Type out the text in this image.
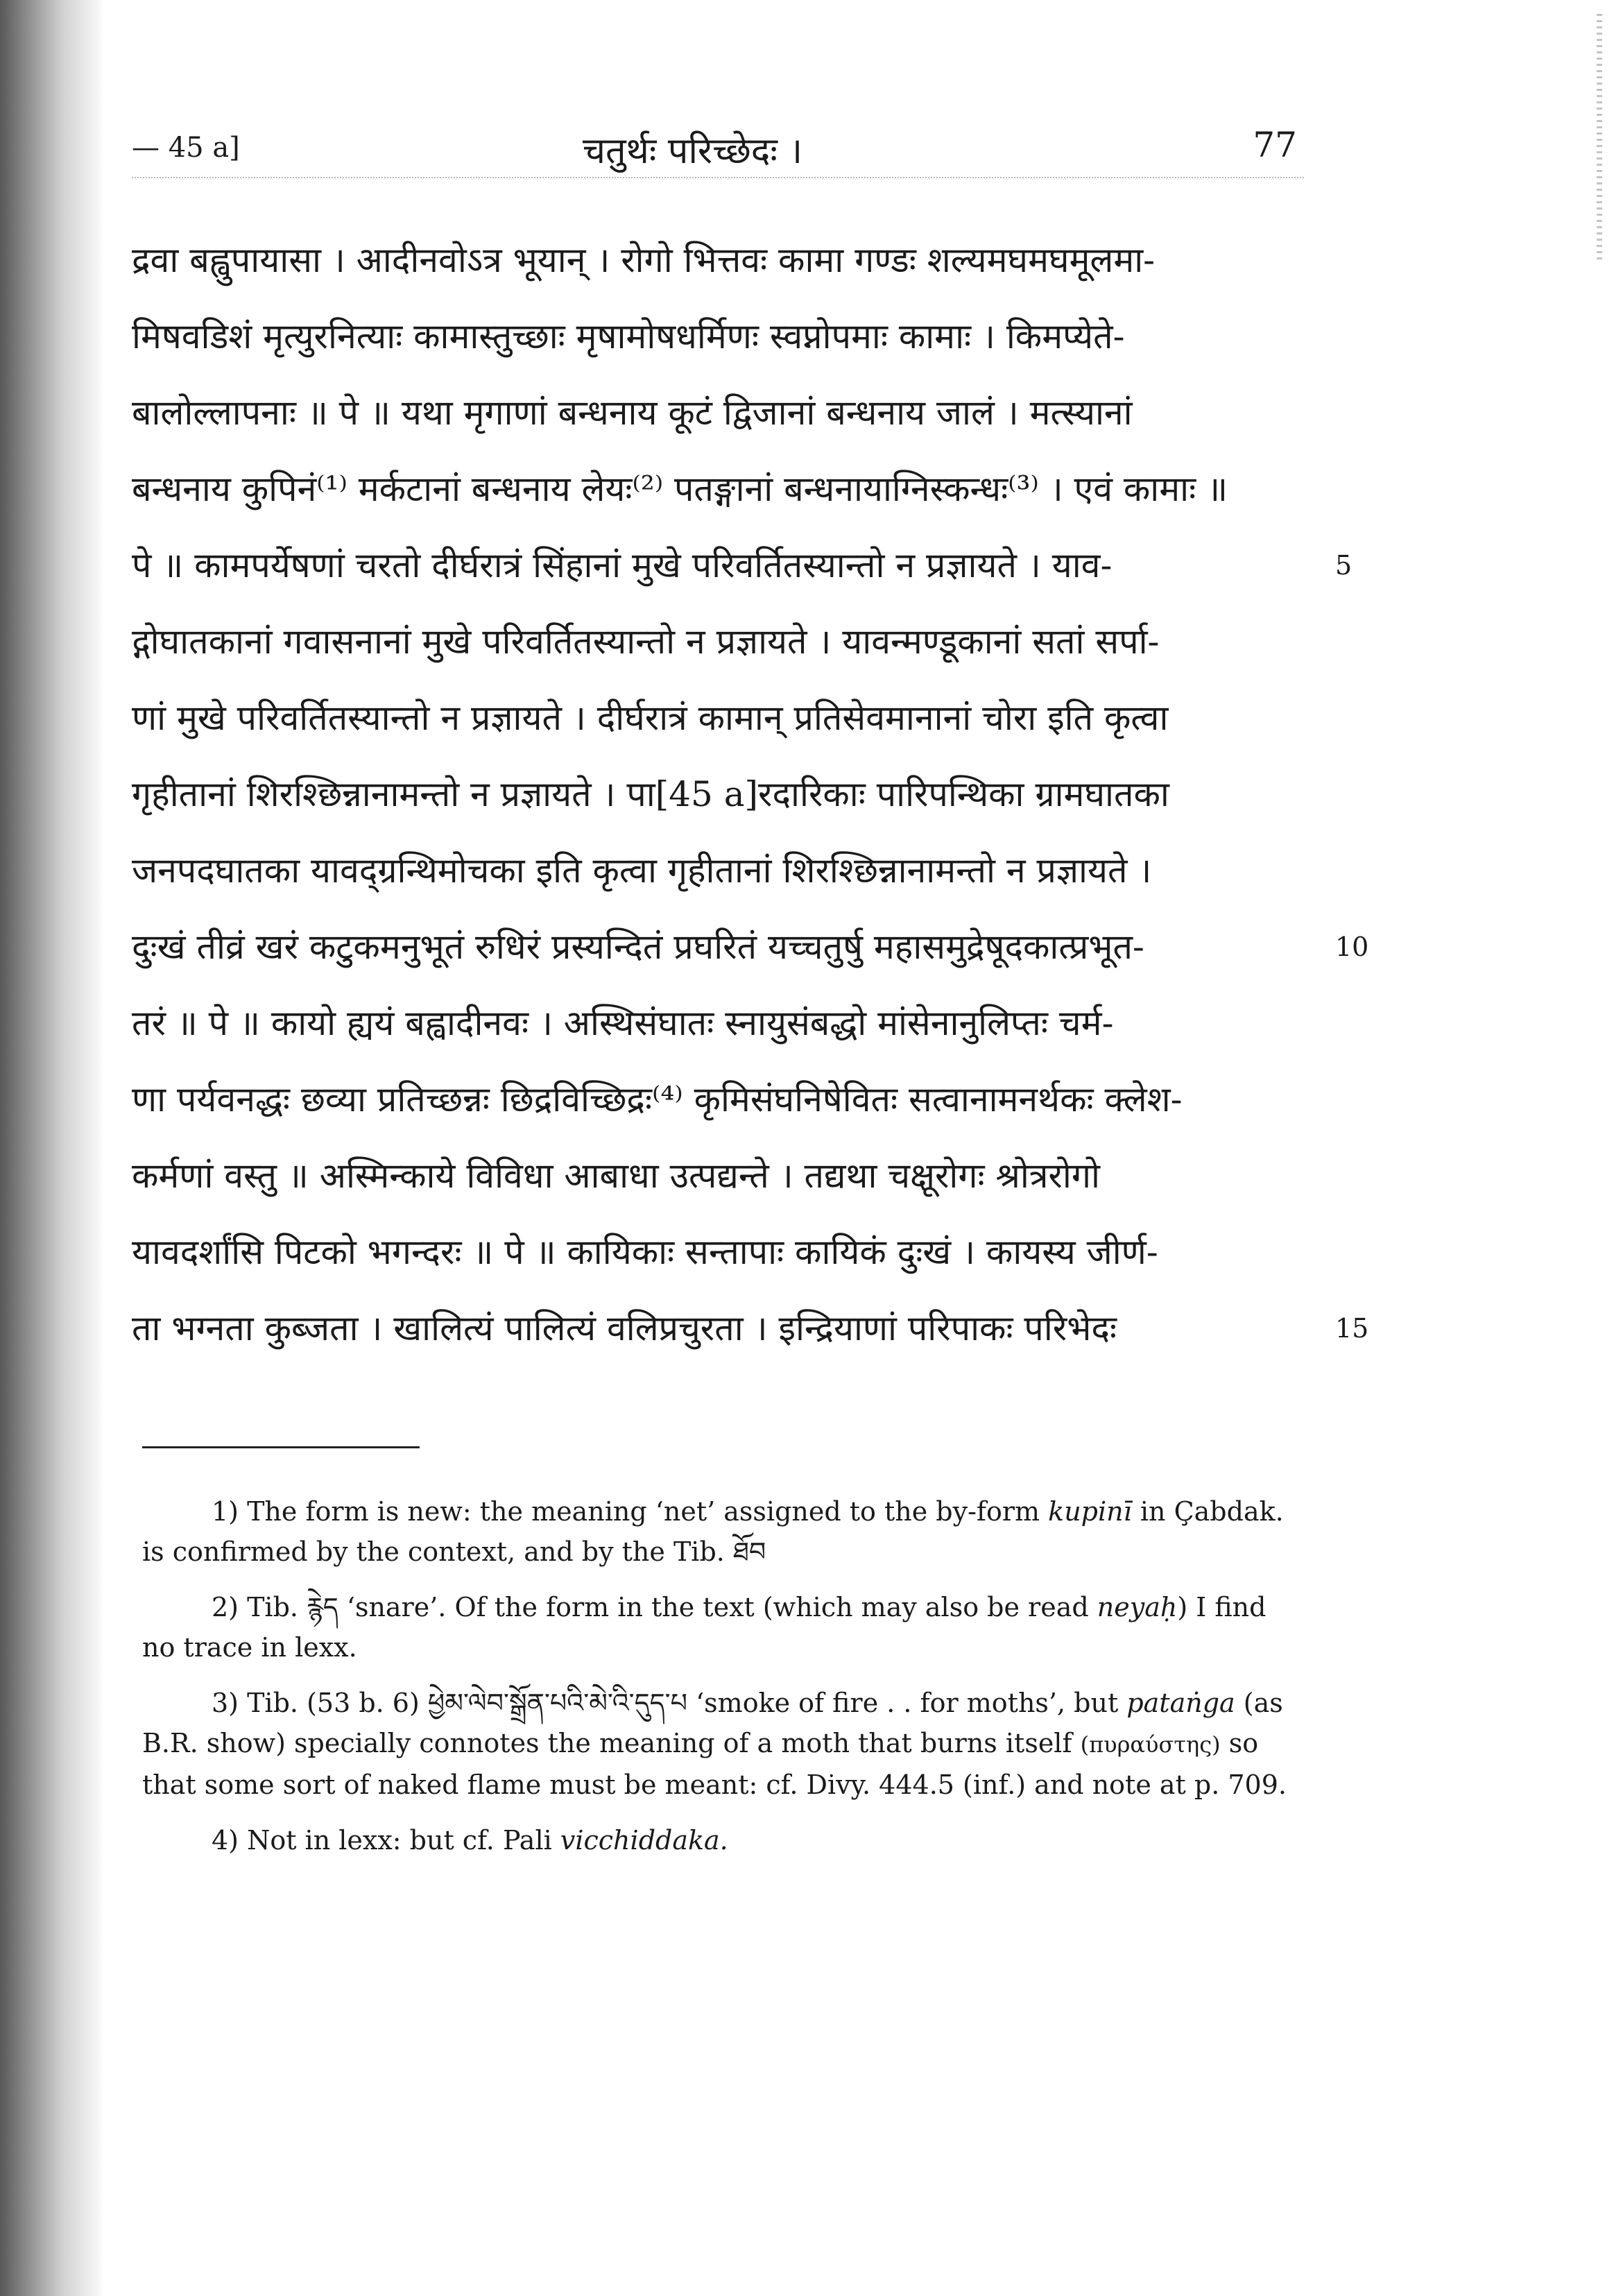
— 45 a]	चतुर्थः परिच्छेदः ।	77
द्रवा बह्वुपायासा । आदीनवोऽत्र भूयान् । रोगो भित्तवः कामा गण्डः शल्यमघमघमूलमा-
मिषवडिशं मृत्युरनित्याः कामास्तुच्छाः मृषामोषधर्मिणः स्वप्नोपमाः कामाः । किमप्येते-
बालोल्लापनाः ॥ पे ॥ यथा मृगाणां बन्धनाय कूटं द्विजानां बन्धनाय जालं । मत्स्यानां
बन्धनाय कुपिनं⁽¹⁾ मर्कटानां बन्धनाय लेयः⁽²⁾ पतङ्गानां बन्धनायाग्निस्कन्धः⁽³⁾ । एवं कामाः ॥
पे ॥ कामपर्येषणां चरतो दीर्घरात्रं सिंहानां मुखे परिवर्तितस्यान्तो न प्रज्ञायते । याव-	5
द्गोघातकानां गवासनानां मुखे परिवर्तितस्यान्तो न प्रज्ञायते । यावन्मण्डूकानां सतां सर्पा-
णां मुखे परिवर्तितस्यान्तो न प्रज्ञायते । दीर्घरात्रं कामान् प्रतिसेवमानानां चोरा इति कृत्वा
गृहीतानां शिरश्छिन्नानामन्तो न प्रज्ञायते । पा[45 a]रदारिकाः पारिपन्थिका ग्रामघातका
जनपदघातका यावद्ग्रन्थिमोचका इति कृत्वा गृहीतानां शिरश्छिन्नानामन्तो न प्रज्ञायते ।
दुःखं तीव्रं खरं कटुकमनुभूतं रुधिरं प्रस्यन्दितं प्रघरितं यच्चतुर्षु महासमुद्रेषूदकात्प्रभूत-	10
तरं ॥ पे ॥ कायो ह्ययं बह्वादीनवः । अस्थिसंघातः स्नायुसंबद्धो मांसेनानुलिप्तः चर्म-
णा पर्यवनद्धः छव्या प्रतिच्छन्नः छिद्रविच्छिद्रः⁽⁴⁾ कृमिसंघनिषेवितः सत्वानामनर्थकः क्लेश-
कर्मणां वस्तु ॥ अस्मिन्काये विविधा आबाधा उत्पद्यन्ते । तद्यथा चक्षूरोगः श्रोत्ररोगो
यावदर्शांसि पिटको भगन्दरः ॥ पे ॥ कायिकाः सन्तापाः कायिकं दुःखं । कायस्य जीर्ण-
ता भग्नता कुब्जता । खालित्यं पालित्यं वलिप्रचुरता । इन्द्रियाणां परिपाकः परिभेदः	15
1) The form is new: the meaning ‘net’ assigned to the by-form kupinī in Çabdak. is confirmed by the context, and by the Tib. ཐོབ
2) Tib. རྙེད ‘snare’. Of the form in the text (which may also be read neyaḥ) I find no trace in lexx.
3) Tib. (53 b. 6) ཕྱེམ་ལེབ་སྒྲོན་པའི་མེ་འི་དུད་པ ‘smoke of fire . . for moths’, but pataṅga (as B.R. show) specially connotes the meaning of a moth that burns itself (πυραύστης) so that some sort of naked flame must be meant: cf. Divy. 444.5 (inf.) and note at p. 709.
4) Not in lexx: but cf. Pali vicchiddaka.
